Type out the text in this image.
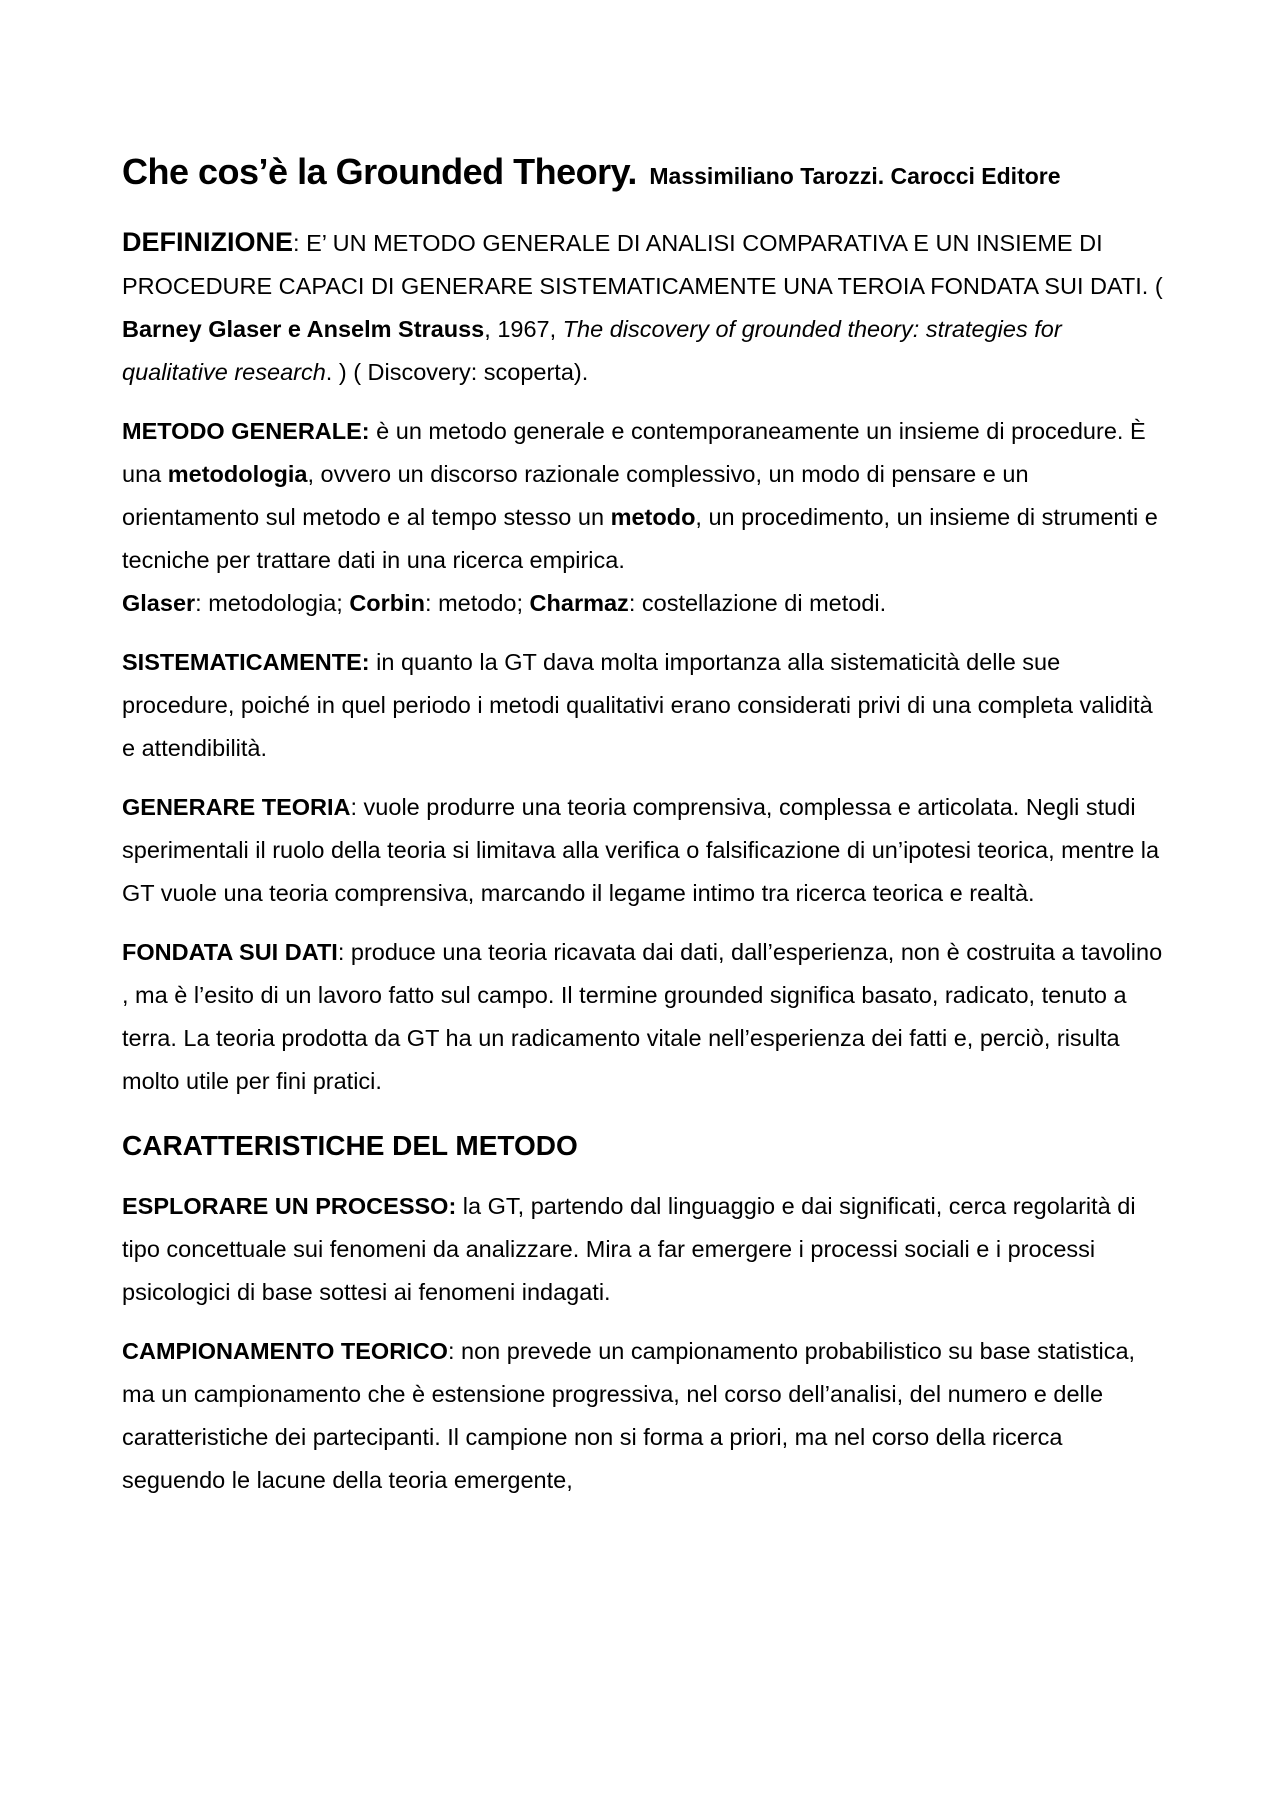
Che cos’è la Grounded Theory. Massimiliano Tarozzi. Carocci Editore

DEFINIZIONE: E’ UN METODO GENERALE DI ANALISI COMPARATIVA E UN INSIEME DI PROCEDURE CAPACI DI GENERARE SISTEMATICAMENTE UNA TEROIA FONDATA SUI DATI. ( Barney Glaser e Anselm Strauss, 1967, The discovery of grounded theory: strategies for qualitative research. ) ( Discovery: scoperta).

METODO GENERALE: è un metodo generale e contemporaneamente un insieme di procedure. È una metodologia, ovvero un discorso razionale complessivo, un modo di pensare e un orientamento sul metodo e al tempo stesso un metodo, un procedimento, un insieme di strumenti e tecniche per trattare dati in una ricerca empirica.

Glaser: metodologia; Corbin: metodo; Charmaz: costellazione di metodi.

SISTEMATICAMENTE: in quanto la GT dava molta importanza alla sistematicità delle sue procedure, poiché in quel periodo i metodi qualitativi erano considerati privi di una completa validità e attendibilità.

GENERARE TEORIA: vuole produrre una teoria comprensiva, complessa e articolata. Negli studi sperimentali il ruolo della teoria si limitava alla verifica o falsificazione di un’ipotesi teorica, mentre la GT vuole una teoria comprensiva, marcando il legame intimo tra ricerca teorica e realtà.

FONDATA SUI DATI: produce una teoria ricavata dai dati, dall’esperienza, non è costruita a tavolino , ma è l’esito di un lavoro fatto sul campo. Il termine grounded significa basato, radicato, tenuto a terra. La teoria prodotta da GT ha un radicamento vitale nell’esperienza dei fatti e, perciò, risulta molto utile per fini pratici.

CARATTERISTICHE DEL METODO

ESPLORARE UN PROCESSO: la GT, partendo dal linguaggio e dai significati, cerca regolarità di tipo concettuale sui fenomeni da analizzare. Mira a far emergere i processi sociali e i processi psicologici di base sottesi ai fenomeni indagati.

CAMPIONAMENTO TEORICO: non prevede un campionamento probabilistico su base statistica, ma un campionamento che è estensione progressiva, nel corso dell’analisi, del numero e delle caratteristiche dei partecipanti. Il campione non si forma a priori, ma nel corso della ricerca seguendo le lacune della teoria emergente,
